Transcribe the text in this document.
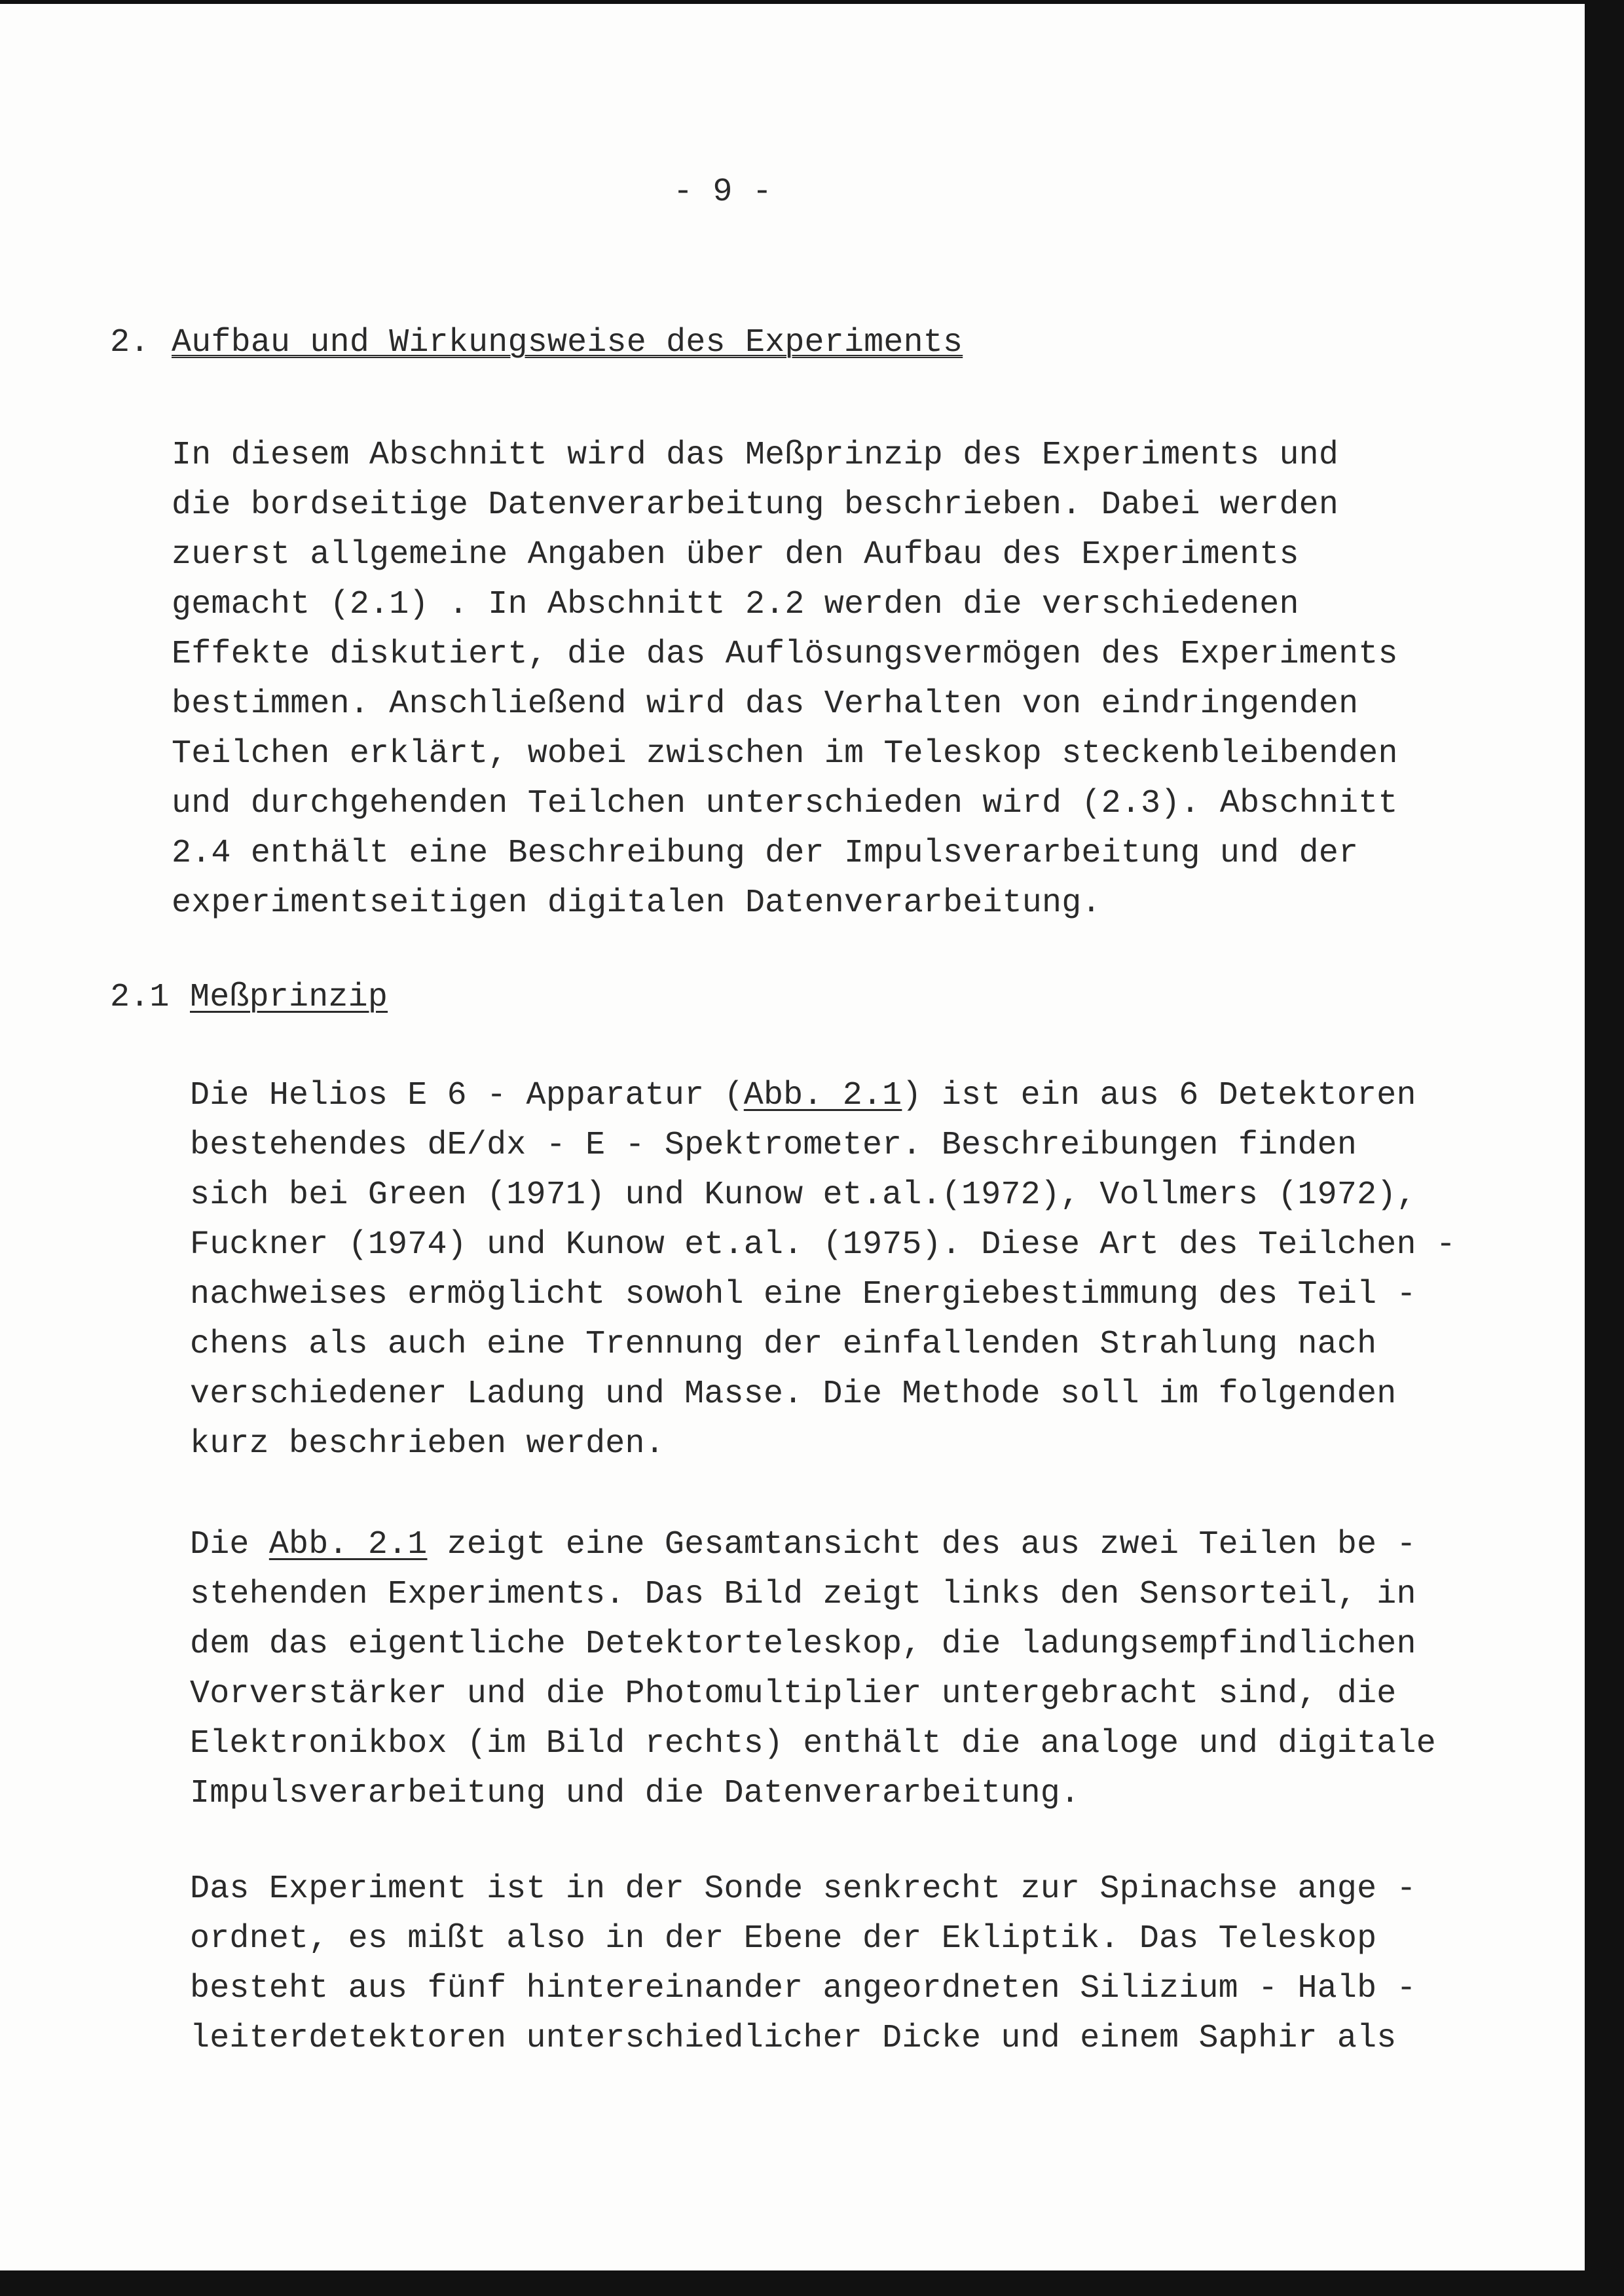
- 9 -
2. Aufbau und Wirkungsweise des Experiments
In diesem Abschnitt wird das Meßprinzip des Experiments und
die bordseitige Datenverarbeitung beschrieben. Dabei werden
zuerst allgemeine Angaben über den Aufbau des Experiments
gemacht (2.1) . In Abschnitt 2.2 werden die verschiedenen
Effekte diskutiert, die das Auflösungsvermögen des Experiments
bestimmen. Anschließend wird das Verhalten von eindringenden
Teilchen erklärt, wobei zwischen im Teleskop steckenbleibenden
und durchgehenden Teilchen unterschieden wird (2.3). Abschnitt
2.4 enthält eine Beschreibung der Impulsverarbeitung und der
experimentseitigen digitalen Datenverarbeitung.
2.1 Meßprinzip
Die Helios E 6 - Apparatur (Abb. 2.1) ist ein aus 6 Detektoren
bestehendes dE/dx - E - Spektrometer. Beschreibungen finden
sich bei Green (1971) und Kunow et.al.(1972), Vollmers (1972),
Fuckner (1974) und Kunow et.al. (1975). Diese Art des Teilchen -
nachweises ermöglicht sowohl eine Energiebestimmung des Teil -
chens als auch eine Trennung der einfallenden Strahlung nach
verschiedener Ladung und Masse. Die Methode soll im folgenden
kurz beschrieben werden.
Die Abb. 2.1 zeigt eine Gesamtansicht des aus zwei Teilen be -
stehenden Experiments. Das Bild zeigt links den Sensorteil, in
dem das eigentliche Detektorteleskop, die ladungsempfindlichen
Vorverstärker und die Photomultiplier untergebracht sind, die
Elektronikbox (im Bild rechts) enthält die analoge und digitale
Impulsverarbeitung und die Datenverarbeitung.
Das Experiment ist in der Sonde senkrecht zur Spinachse ange -
ordnet, es mißt also in der Ebene der Ekliptik. Das Teleskop
besteht aus fünf hintereinander angeordneten Silizium - Halb -
leiterdetektoren unterschiedlicher Dicke und einem Saphir als
